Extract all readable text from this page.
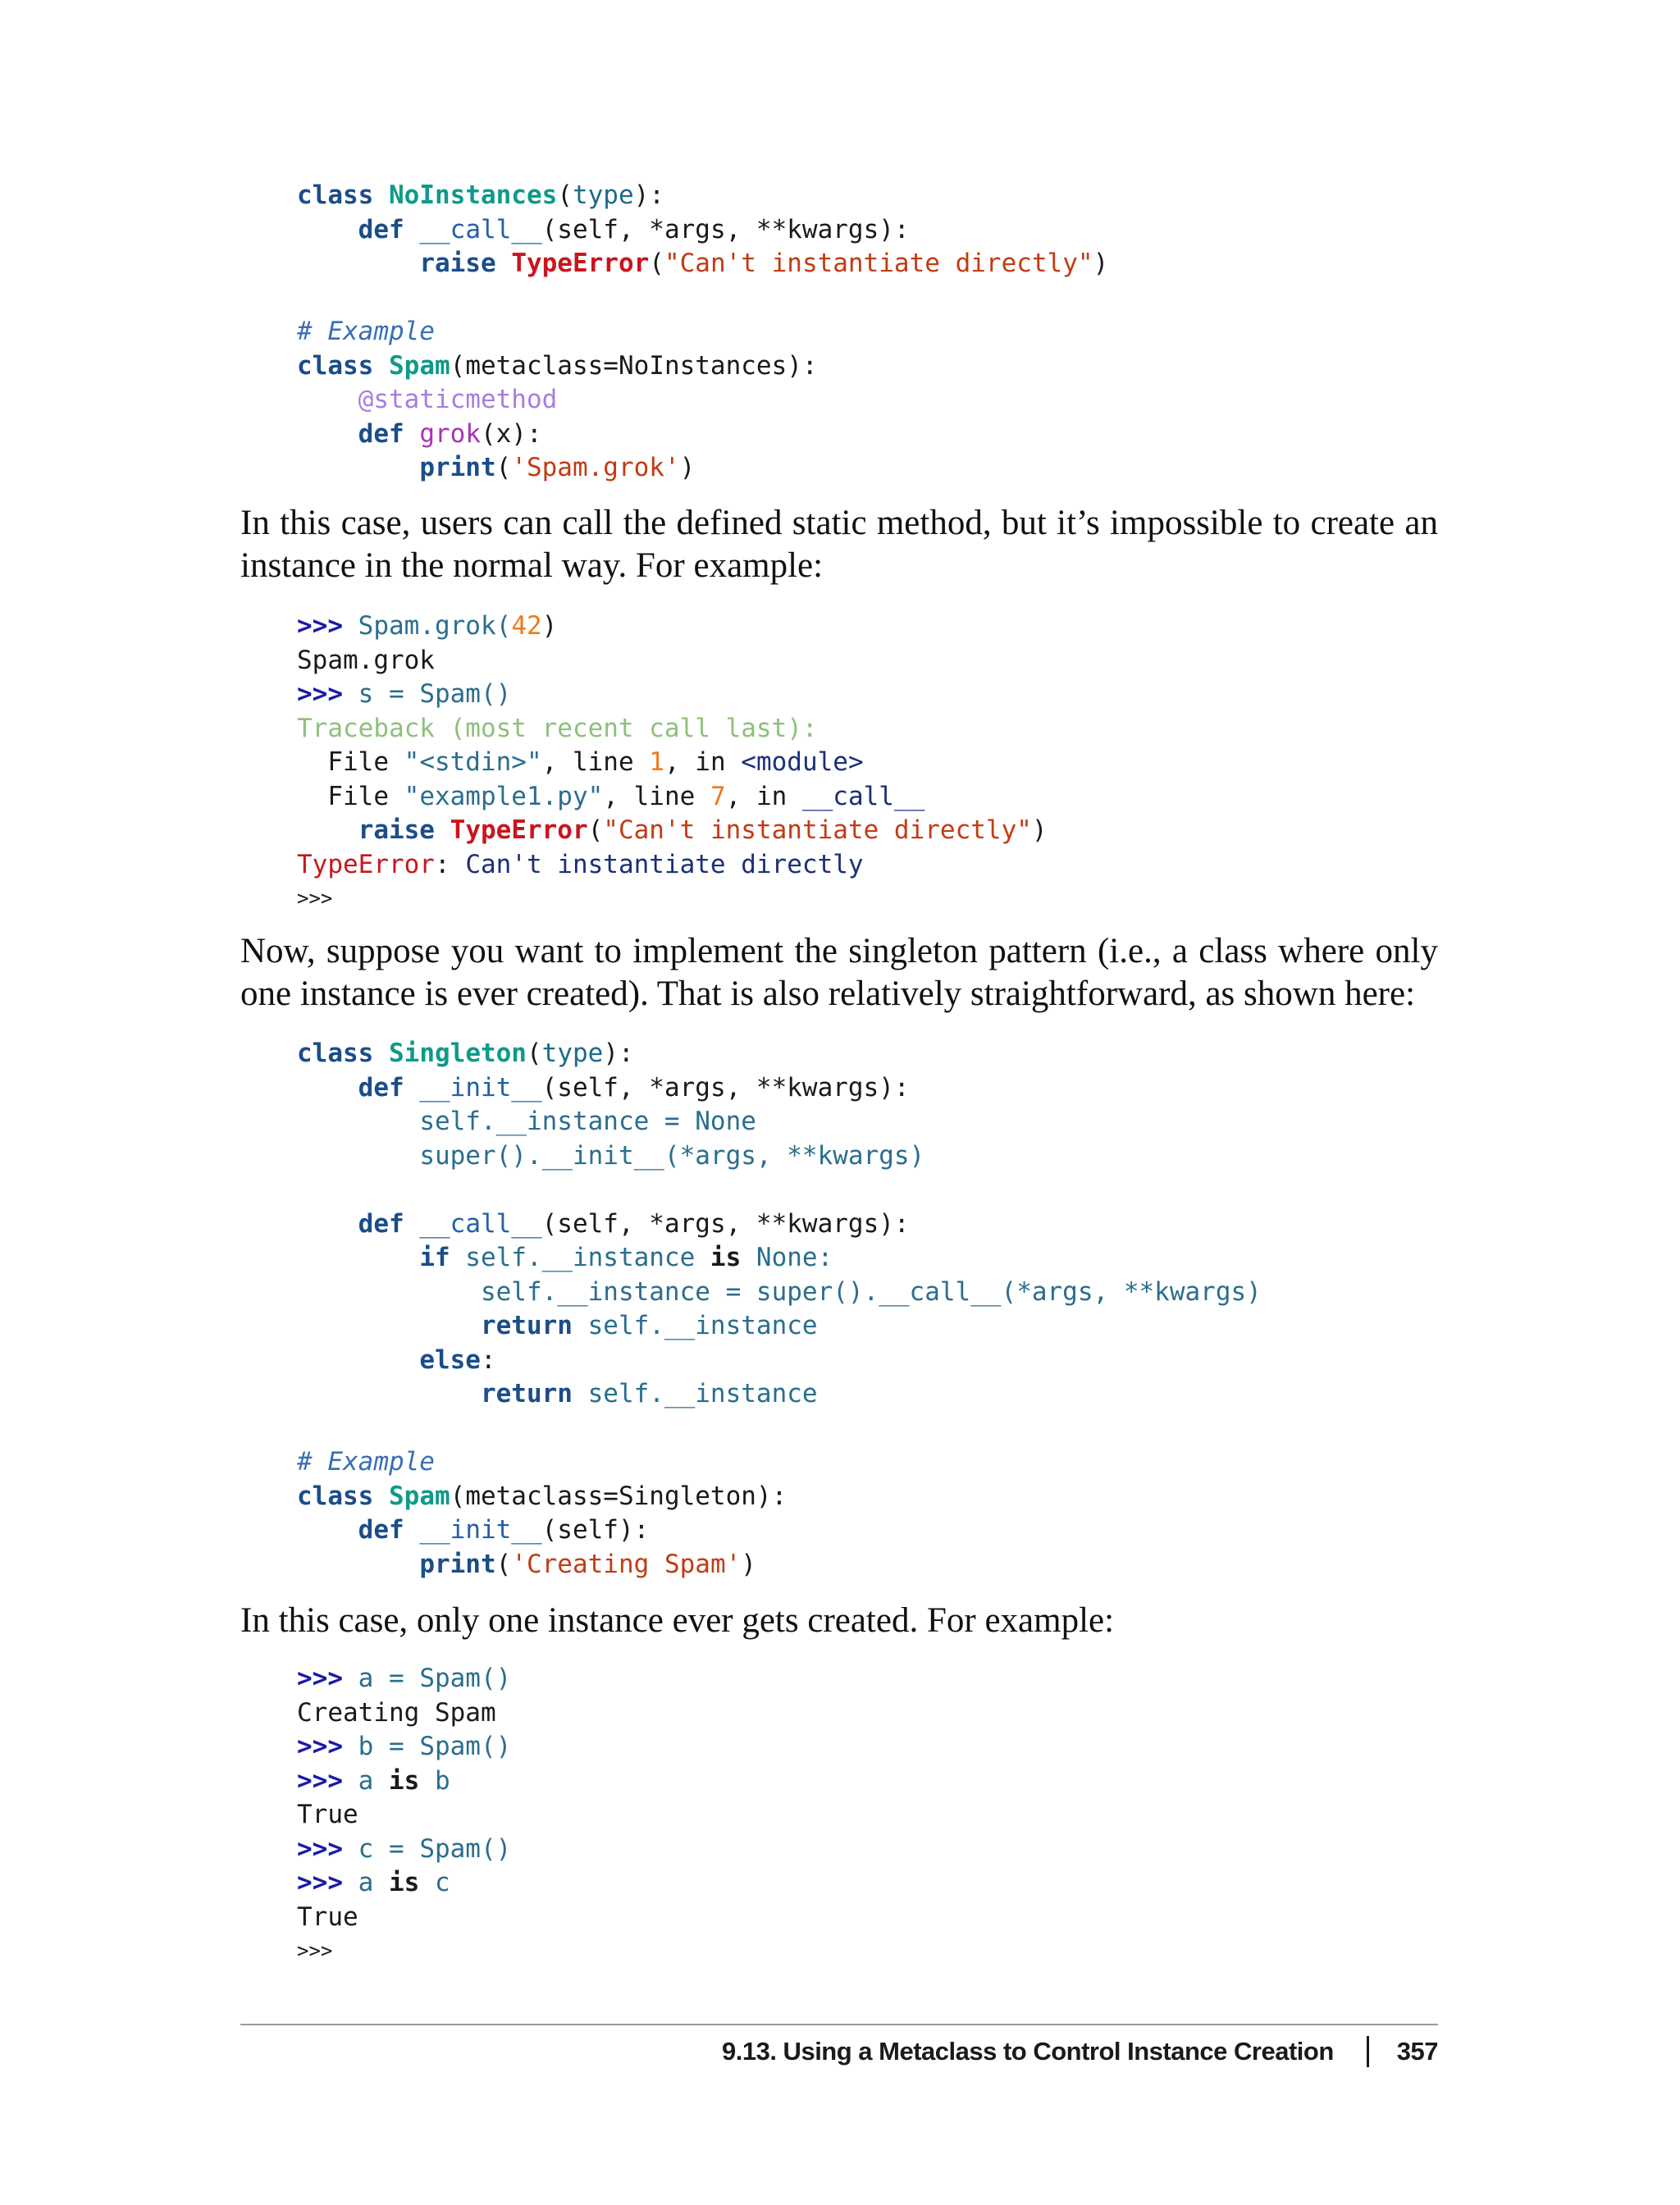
class NoInstances(type):
def __call__(self, *args, **kwargs):
raise TypeError("Can't instantiate directly")
# Example
class Spam(metaclass=NoInstances):
@staticmethod
def grok(x):
print('Spam.grok')

In this case, users can call the defined static method, but it’s impossible to create an instance in the normal way. For example:

>>> Spam.grok(42)
Spam.grok
>>> s = Spam()
Traceback (most recent call last):
File "<stdin>", line 1, in <module>
File "example1.py", line 7, in __call__
raise TypeError("Can't instantiate directly")
TypeError: Can't instantiate directly
>>>

Now, suppose you want to implement the singleton pattern (i.e., a class where only one instance is ever created). That is also relatively straightforward, as shown here:

class Singleton(type):
def __init__(self, *args, **kwargs):
self.__instance = None
super().__init__(*args, **kwargs)
def __call__(self, *args, **kwargs):
if self.__instance is None:
self.__instance = super().__call__(*args, **kwargs)
return self.__instance
else:
return self.__instance
# Example
class Spam(metaclass=Singleton):
def __init__(self):
print('Creating Spam')

In this case, only one instance ever gets created. For example:

>>> a = Spam()
Creating Spam
>>> b = Spam()
>>> a is b
True
>>> c = Spam()
>>> a is c
True
>>>
9.13. Using a Metaclass to Control Instance Creation 357
